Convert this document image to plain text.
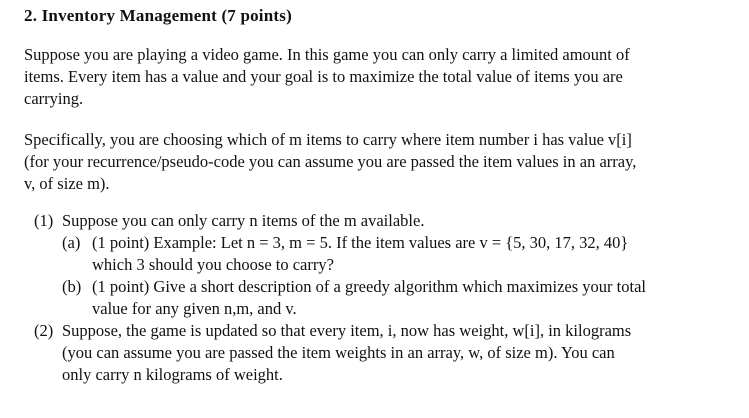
2. Inventory Management (7 points)
Suppose you are playing a video game. In this game you can only carry a limited amount of
items. Every item has a value and your goal is to maximize the total value of items you are
carrying.
Specifically, you are choosing which of m items to carry where item number i has value v[i]
(for your recurrence/pseudo-code you can assume you are passed the item values in an array,
v, of size m).
(1) Suppose you can only carry n items of the m available.
(a) (1 point) Example: Let n = 3, m = 5. If the item values are v = {5, 30, 17, 32, 40}
which 3 should you choose to carry?
(b) (1 point) Give a short description of a greedy algorithm which maximizes your total
value for any given n,m, and v.
(2) Suppose, the game is updated so that every item, i, now has weight, w[i], in kilograms
(you can assume you are passed the item weights in an array, w, of size m). You can
only carry n kilograms of weight.
